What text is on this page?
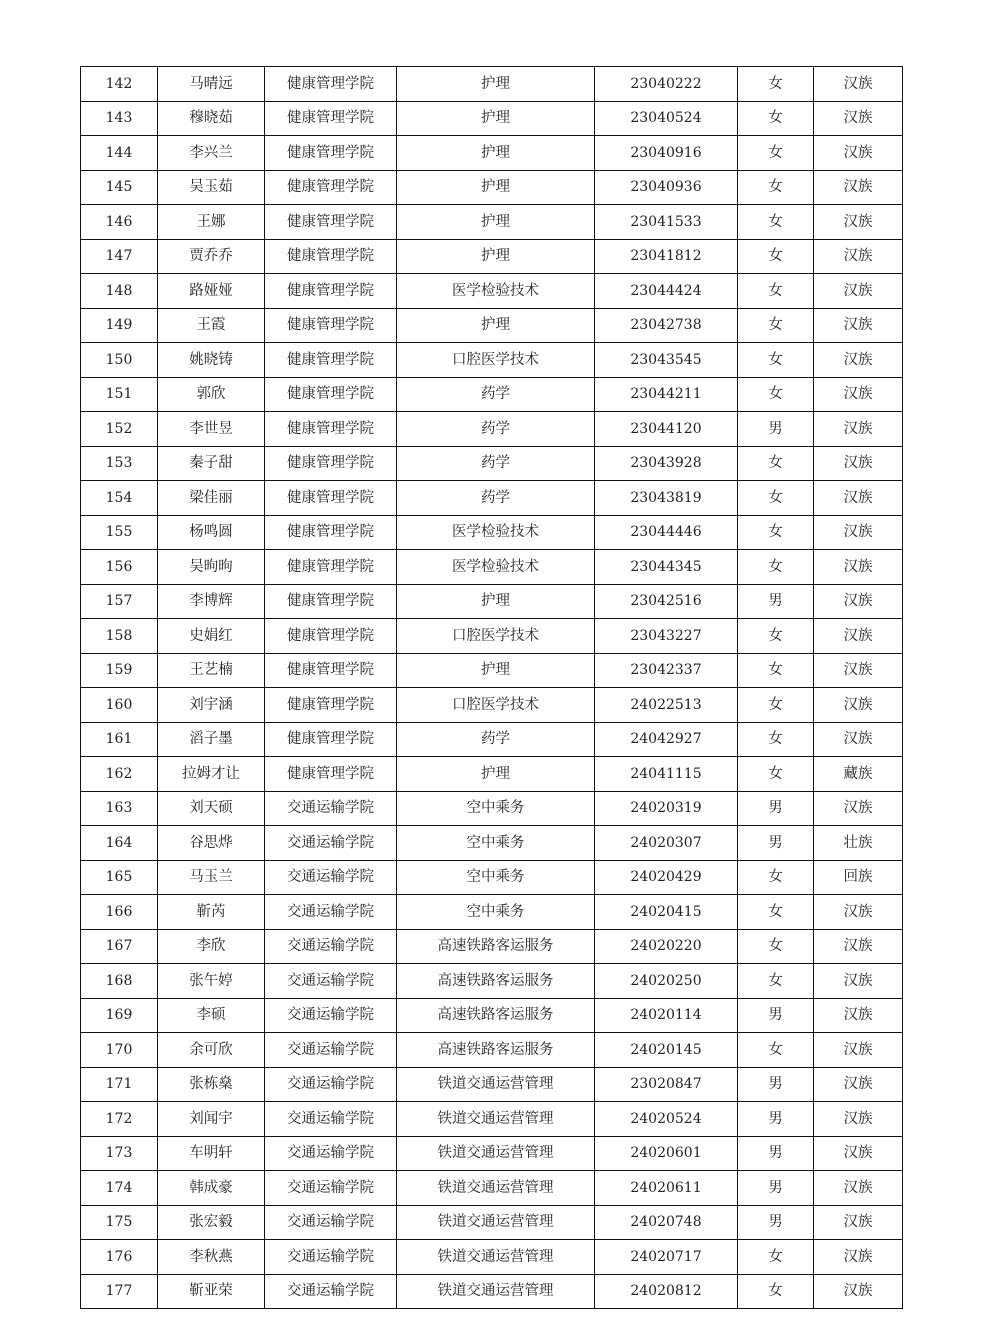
142	马晴远	健康管理学院	护理	23040222	女	汉族
143	穆晓茹	健康管理学院	护理	23040524	女	汉族
144	李兴兰	健康管理学院	护理	23040916	女	汉族
145	吴玉茹	健康管理学院	护理	23040936	女	汉族
146	王娜	健康管理学院	护理	23041533	女	汉族
147	贾乔乔	健康管理学院	护理	23041812	女	汉族
148	路娅娅	健康管理学院	医学检验技术	23044424	女	汉族
149	王霞	健康管理学院	护理	23042738	女	汉族
150	姚晓铸	健康管理学院	口腔医学技术	23043545	女	汉族
151	郭欣	健康管理学院	药学	23044211	女	汉族
152	李世昱	健康管理学院	药学	23044120	男	汉族
153	秦子甜	健康管理学院	药学	23043928	女	汉族
154	梁佳丽	健康管理学院	药学	23043819	女	汉族
155	杨鸣圆	健康管理学院	医学检验技术	23044446	女	汉族
156	吴昫昫	健康管理学院	医学检验技术	23044345	女	汉族
157	李博辉	健康管理学院	护理	23042516	男	汉族
158	史娟红	健康管理学院	口腔医学技术	23043227	女	汉族
159	王艺楠	健康管理学院	护理	23042337	女	汉族
160	刘宇涵	健康管理学院	口腔医学技术	24022513	女	汉族
161	滔子墨	健康管理学院	药学	24042927	女	汉族
162	拉姆才让	健康管理学院	护理	24041115	女	藏族
163	刘天硕	交通运输学院	空中乘务	24020319	男	汉族
164	谷思烨	交通运输学院	空中乘务	24020307	男	壮族
165	马玉兰	交通运输学院	空中乘务	24020429	女	回族
166	靳芮	交通运输学院	空中乘务	24020415	女	汉族
167	李欣	交通运输学院	高速铁路客运服务	24020220	女	汉族
168	张午婷	交通运输学院	高速铁路客运服务	24020250	女	汉族
169	李硕	交通运输学院	高速铁路客运服务	24020114	男	汉族
170	余可欣	交通运输学院	高速铁路客运服务	24020145	女	汉族
171	张栋燊	交通运输学院	铁道交通运营管理	23020847	男	汉族
172	刘闻宇	交通运输学院	铁道交通运营管理	24020524	男	汉族
173	车明轩	交通运输学院	铁道交通运营管理	24020601	男	汉族
174	韩成豪	交通运输学院	铁道交通运营管理	24020611	男	汉族
175	张宏毅	交通运输学院	铁道交通运营管理	24020748	男	汉族
176	李秋燕	交通运输学院	铁道交通运营管理	24020717	女	汉族
177	靳亚荣	交通运输学院	铁道交通运营管理	24020812	女	汉族
